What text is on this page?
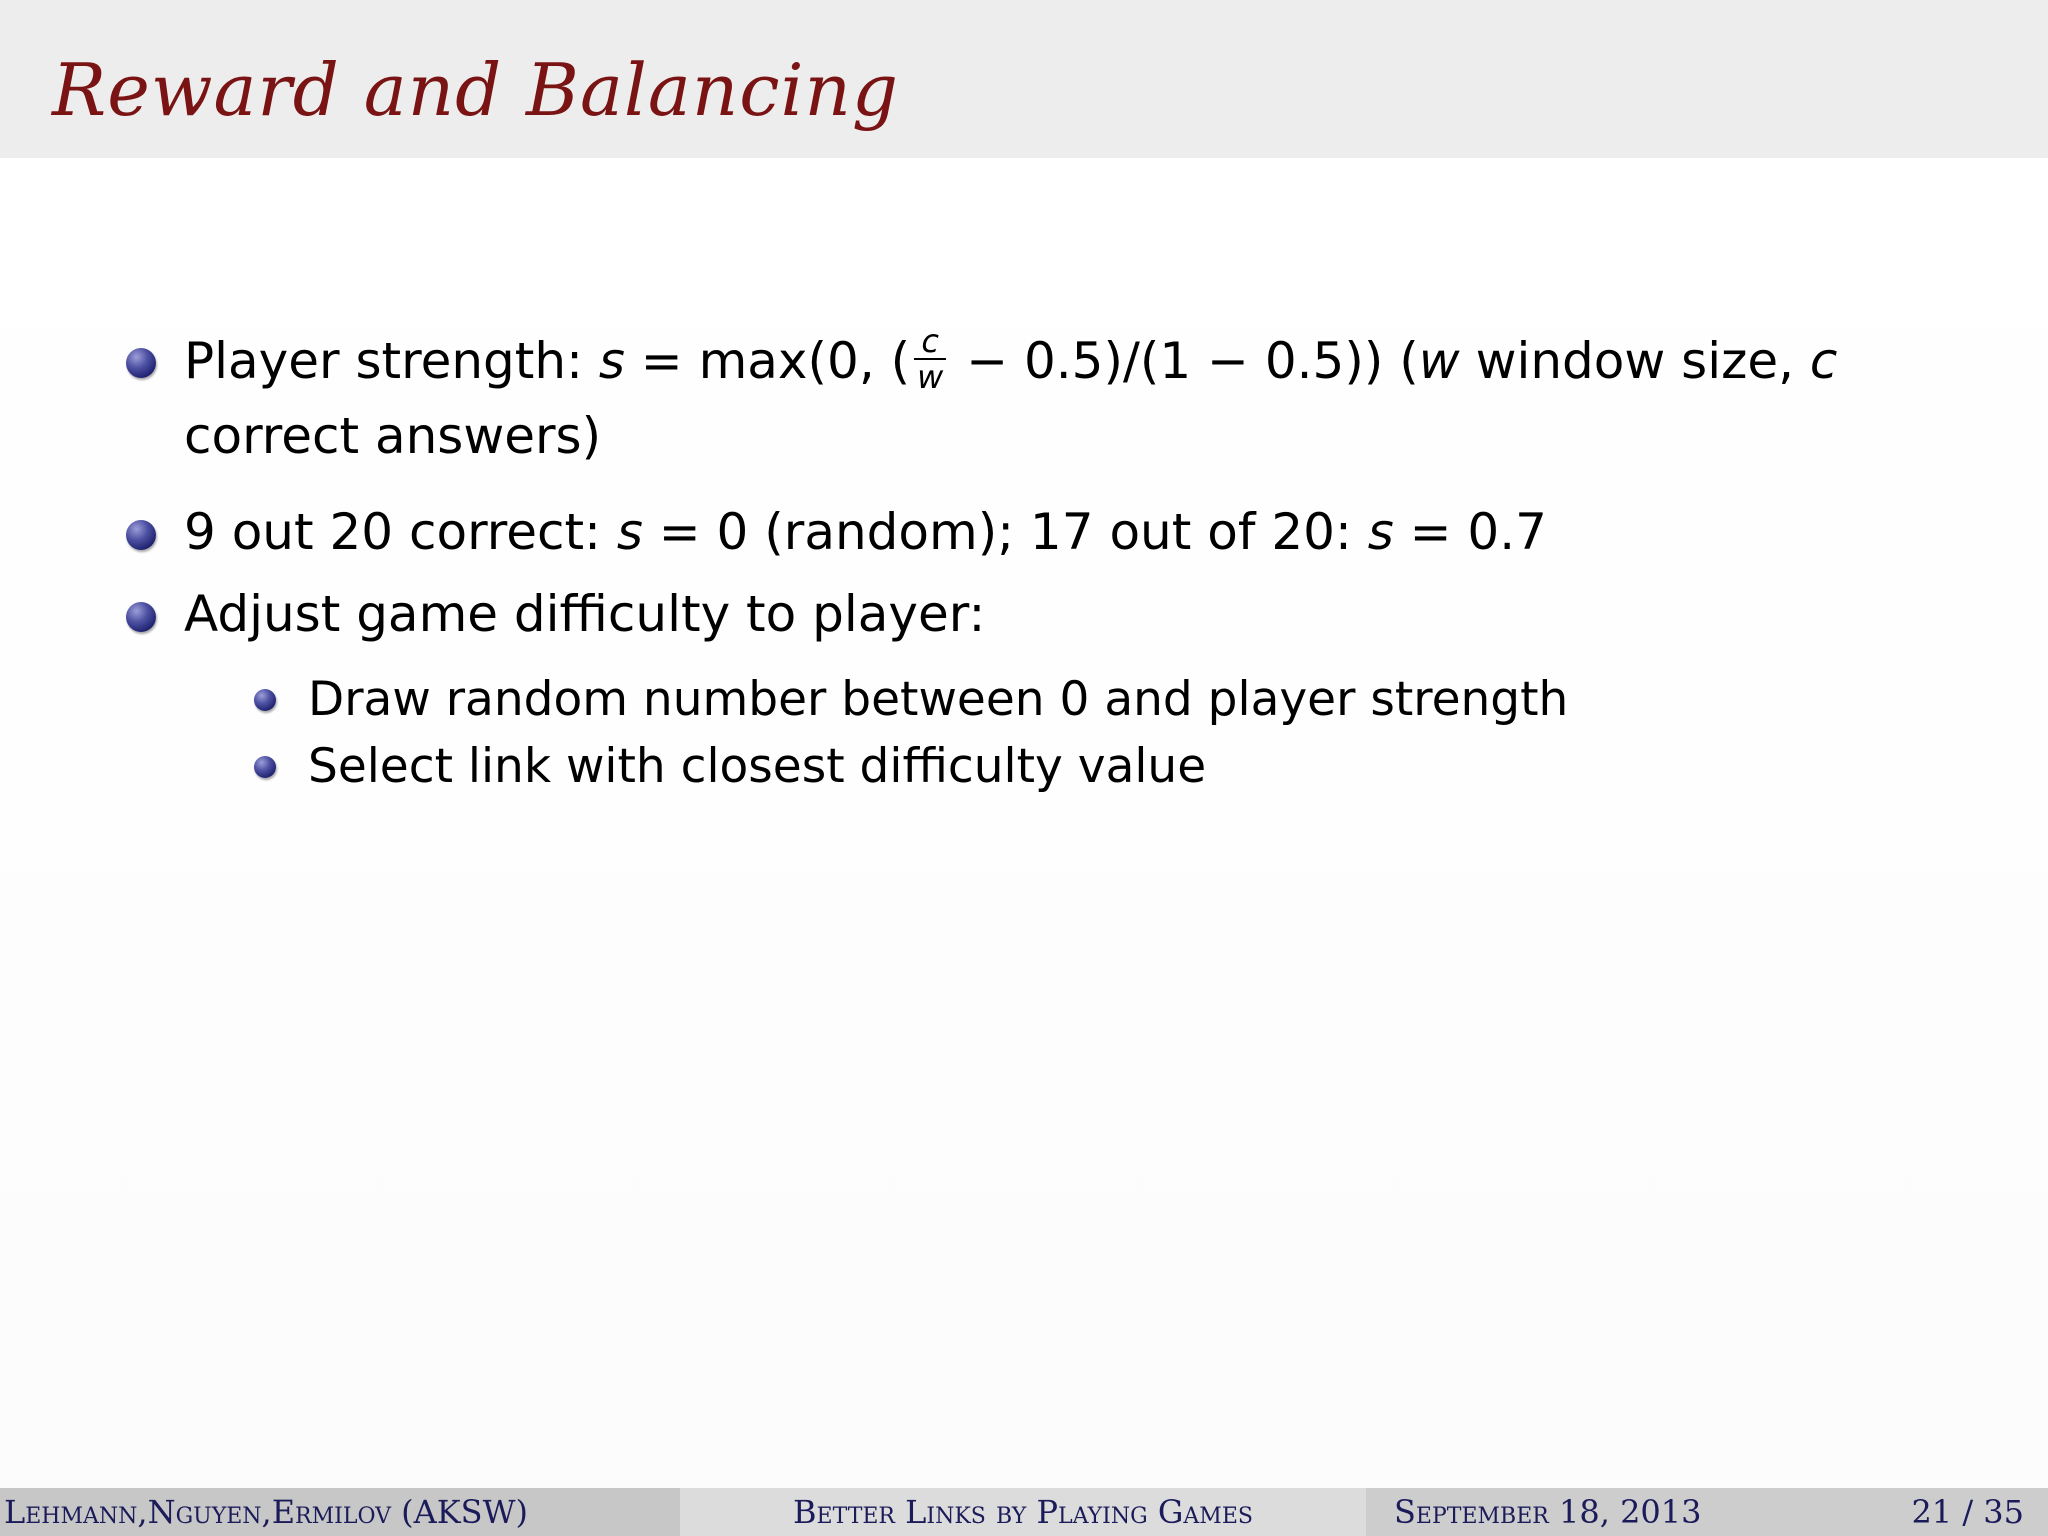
Reward and Balancing
Player strength: s = max(0, ( $\frac{c}{w} - 0.5)/(1 - 0.5)$) (w window size, c
correct answers)
9 out 20 correct: s = 0 (random); 17 out of 20: s = 0.7
Adjust game difficulty to player:
Draw random number between 0 and player strength
Select link with closest difficulty value
Lehmann,Nguyen,Ermilov (AKSW)	Better Links by Playing Games	September 18, 2013	21 / 35
